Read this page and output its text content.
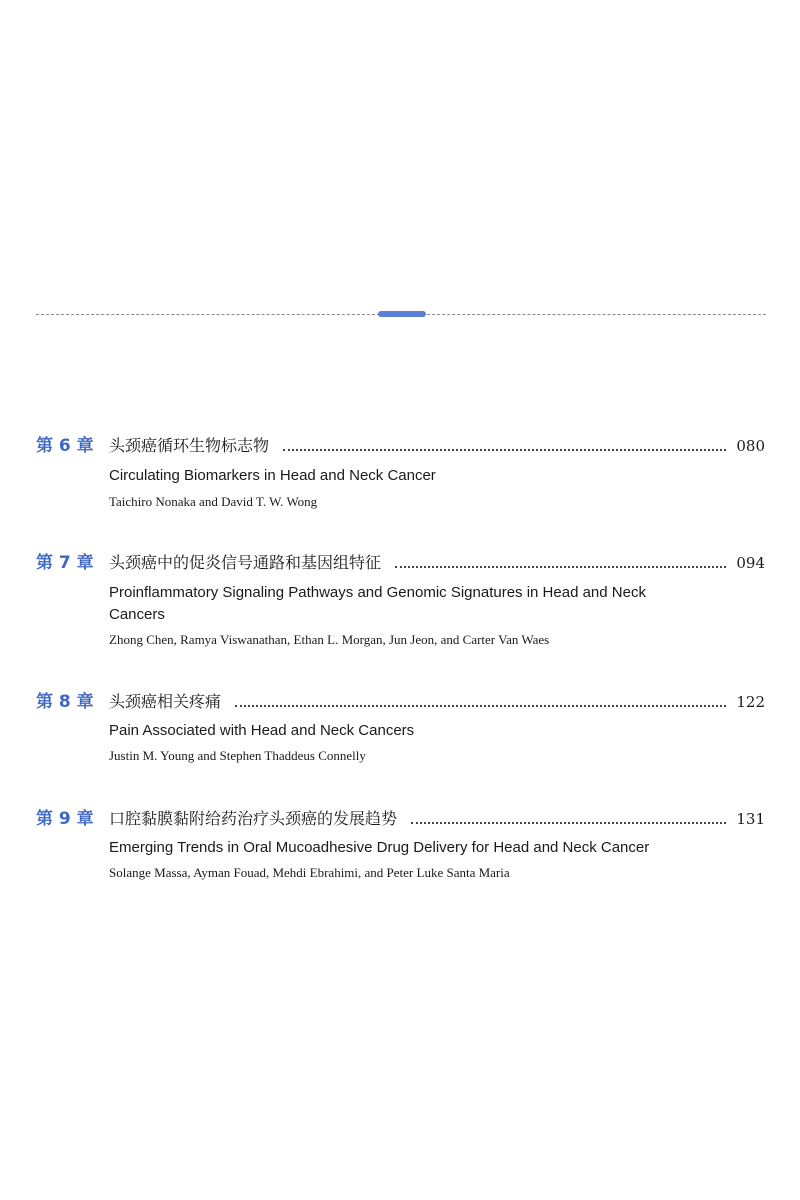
第 6 章 头颈癌循环生物标志物	080
Circulating Biomarkers in Head and Neck Cancer
Taichiro Nonaka and David T. W. Wong
第 7 章 头颈癌中的促炎信号通路和基因组特征	094
Proinflammatory Signaling Pathways and Genomic Signatures in Head and Neck Cancers
Zhong Chen, Ramya Viswanathan, Ethan L. Morgan, Jun Jeon, and Carter Van Waes
第 8 章 头颈癌相关疼痛	122
Pain Associated with Head and Neck Cancers
Justin M. Young and Stephen Thaddeus Connelly
第 9 章 口腔黏膜黏附给药治疗头颈癌的发展趋势	131
Emerging Trends in Oral Mucoadhesive Drug Delivery for Head and Neck Cancer
Solange Massa, Ayman Fouad, Mehdi Ebrahimi, and Peter Luke Santa Maria
